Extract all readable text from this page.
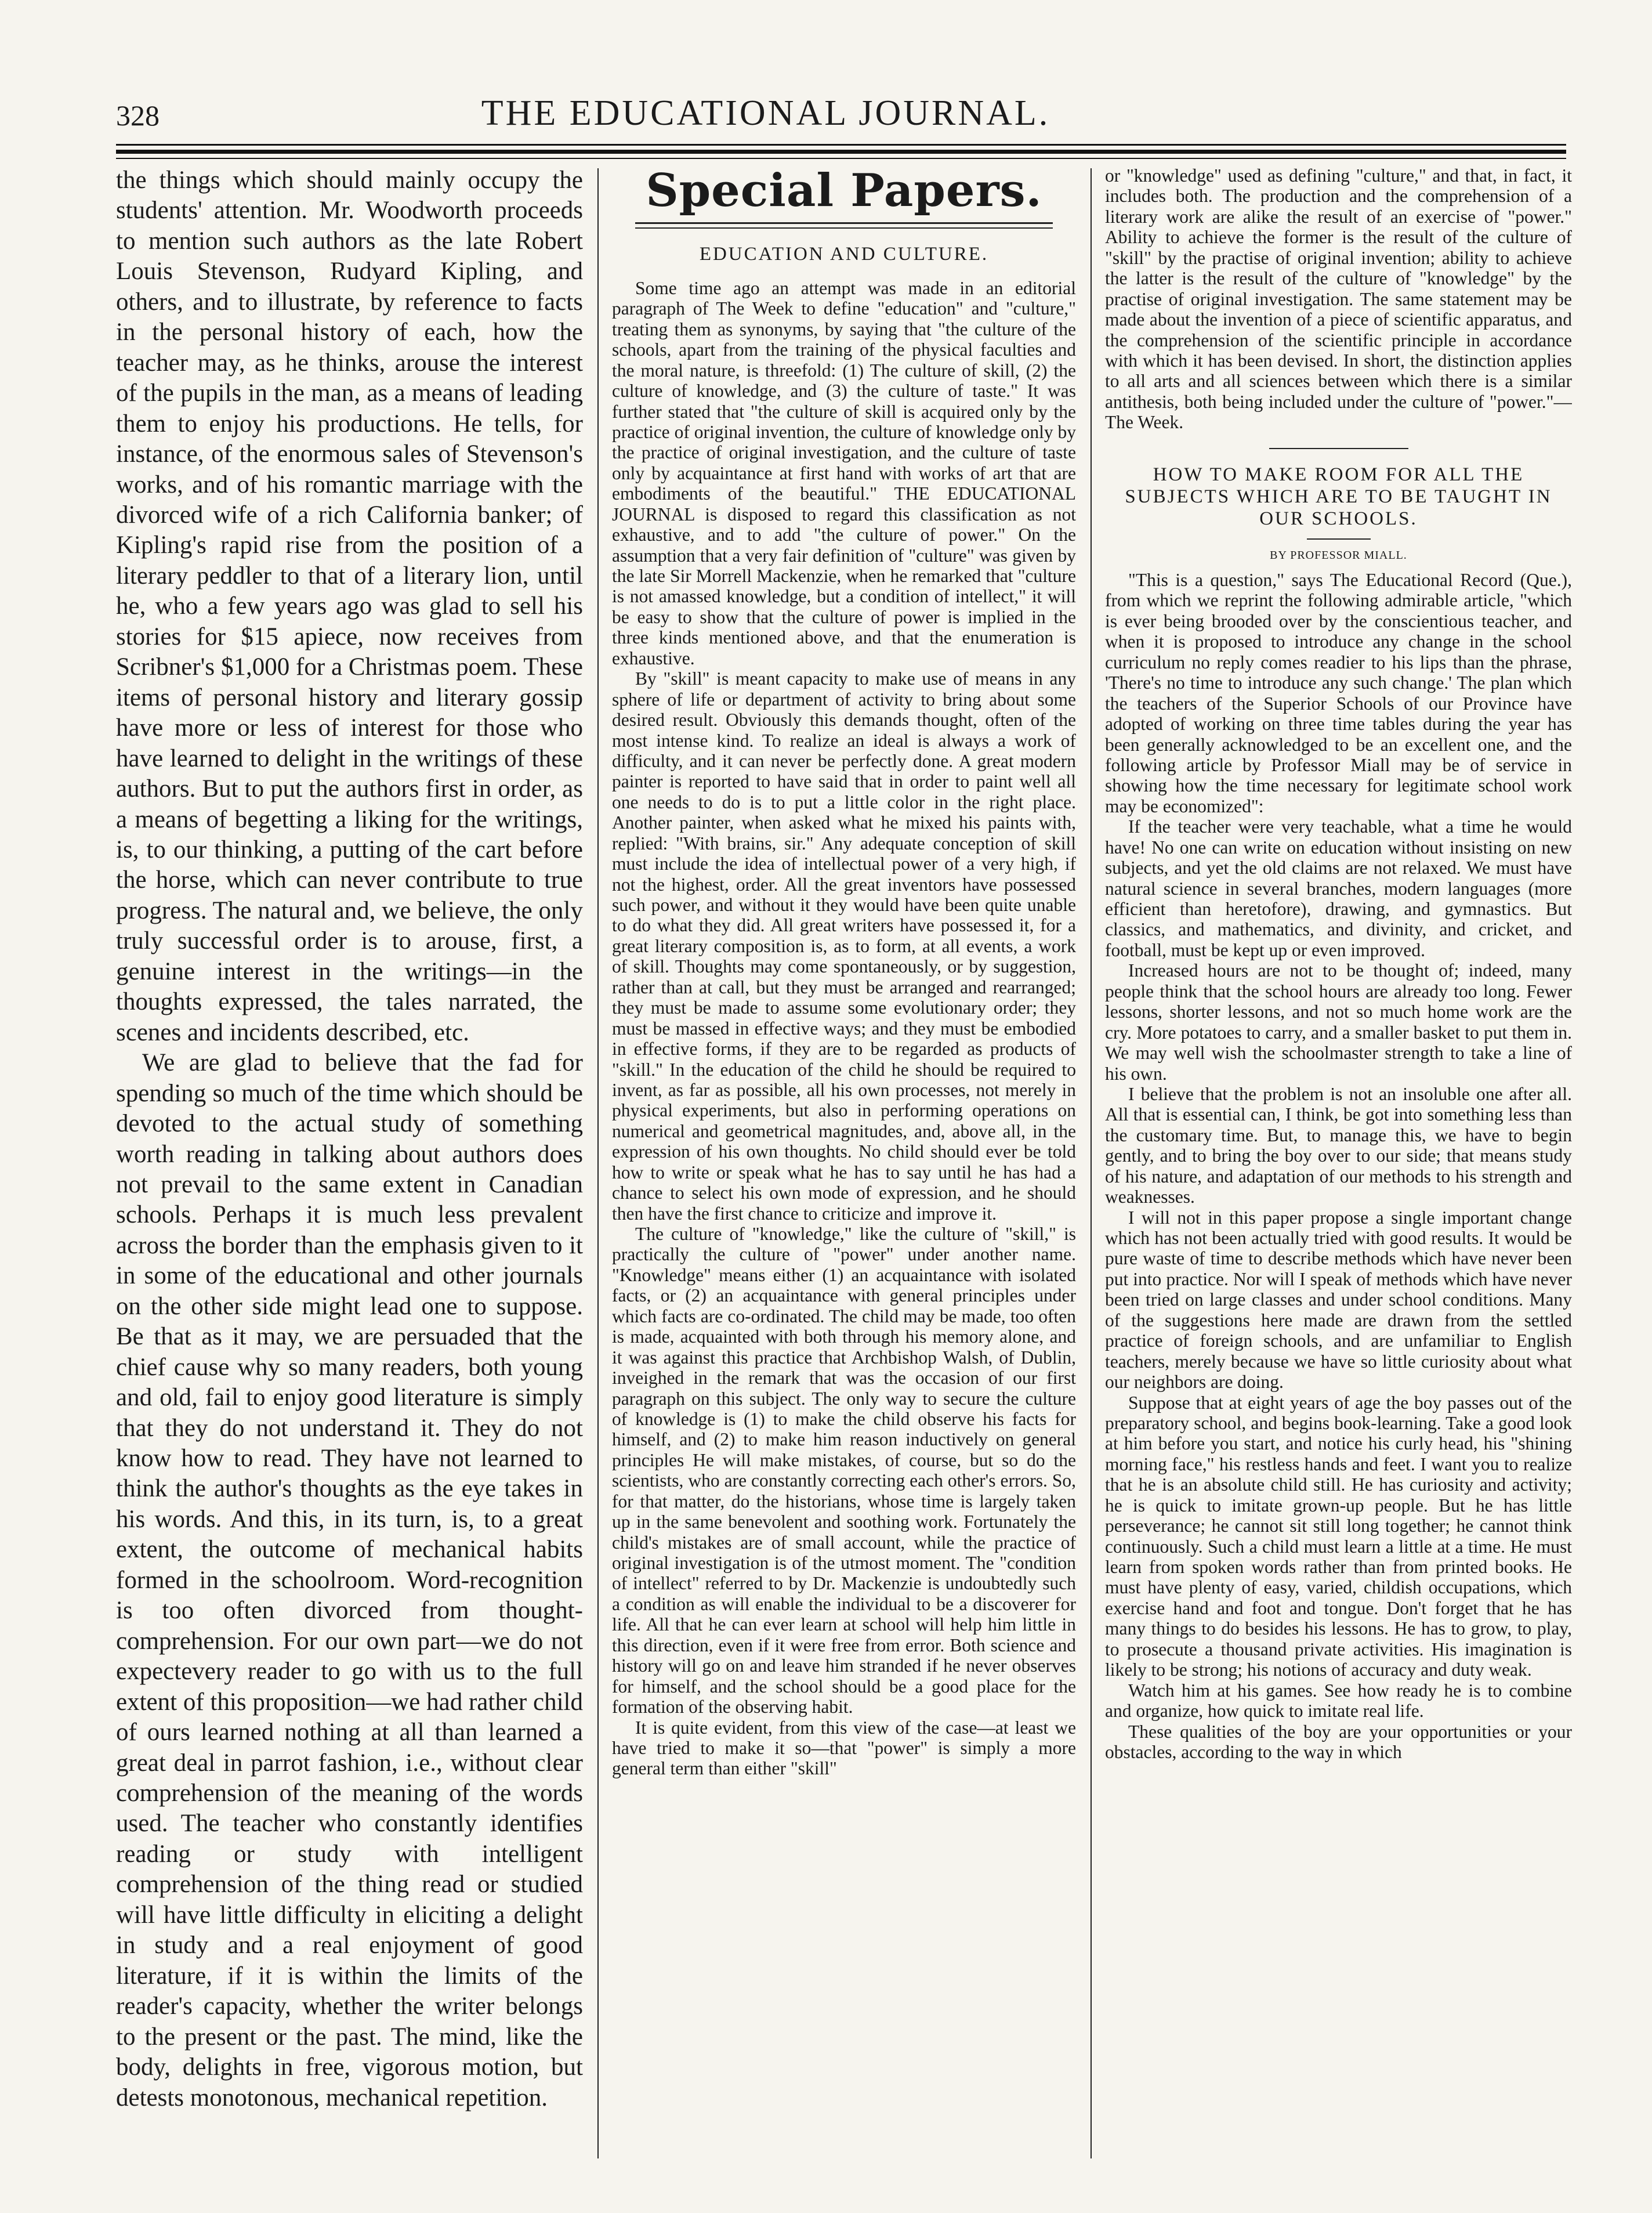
328	THE EDUCATIONAL JOURNAL.

the things which should mainly occupy the students' attention. Mr. Woodworth proceeds to mention such authors as the late Robert Louis Stevenson, Rudyard Kipling, and others, and to illustrate, by reference to facts in the personal history of each, how the teacher may, as he thinks, arouse the interest of the pupils in the man, as a means of leading them to enjoy his productions. He tells, for instance, of the enormous sales of Stevenson's works, and of his romantic marriage with the divorced wife of a rich California banker; of Kipling's rapid rise from the position of a literary peddler to that of a literary lion, until he, who a few years ago was glad to sell his stories for $15 apiece, now receives from Scribner's $1,000 for a Christmas poem. These items of personal history and literary gossip have more or less of interest for those who have learned to delight in the writings of these authors. But to put the authors first in order, as a means of begetting a liking for the writings, is, to our thinking, a putting of the cart before the horse, which can never contribute to true progress. The natural and, we believe, the only truly successful order is to arouse, first, a genuine interest in the writings—in the thoughts expressed, the tales narrated, the scenes and incidents described, etc.

We are glad to believe that the fad for spending so much of the time which should be devoted to the actual study of something worth reading in talking about authors does not prevail to the same extent in Canadian schools. Perhaps it is much less prevalent across the border than the emphasis given to it in some of the educational and other journals on the other side might lead one to suppose. Be that as it may, we are persuaded that the chief cause why so many readers, both young and old, fail to enjoy good literature is simply that they do not understand it. They do not know how to read. They have not learned to think the author's thoughts as the eye takes in his words. And this, in its turn, is, to a great extent, the outcome of mechanical habits formed in the schoolroom. Word-recognition is too often divorced from thought-comprehension. For our own part—we do not expectevery reader to go with us to the full extent of this proposition—we had rather child of ours learned nothing at all than learned a great deal in parrot fashion, i.e., without clear comprehension of the meaning of the words used. The teacher who constantly identifies reading or study with intelligent comprehension of the thing read or studied will have little difficulty in eliciting a delight in study and a real enjoyment of good literature, if it is within the limits of the reader's capacity, whether the writer belongs to the present or the past. The mind, like the body, delights in free, vigorous motion, but detests monotonous, mechanical repetition.

Special Papers.
EDUCATION AND CULTURE.

Some time ago an attempt was made in an editorial paragraph of The Week to define "education" and "culture," treating them as synonyms, by saying that "the culture of the schools, apart from the training of the physical faculties and the moral nature, is threefold: (1) The culture of skill, (2) the culture of knowledge, and (3) the culture of taste." It was further stated that "the culture of skill is acquired only by the practice of original invention, the culture of knowledge only by the practice of original investigation, and the culture of taste only by acquaintance at first hand with works of art that are embodiments of the beautiful." THE EDUCATIONAL JOURNAL is disposed to regard this classification as not exhaustive, and to add "the culture of power." On the assumption that a very fair definition of "culture" was given by the late Sir Morrell Mackenzie, when he remarked that "culture is not amassed knowledge, but a condition of intellect," it will be easy to show that the culture of power is implied in the three kinds mentioned above, and that the enumeration is exhaustive.

By "skill" is meant capacity to make use of means in any sphere of life or department of activity to bring about some desired result. Obviously this demands thought, often of the most intense kind. To realize an ideal is always a work of difficulty, and it can never be perfectly done. A great modern painter is reported to have said that in order to paint well all one needs to do is to put a little color in the right place. Another painter, when asked what he mixed his paints with, replied: "With brains, sir." Any adequate conception of skill must include the idea of intellectual power of a very high, if not the highest, order. All the great inventors have possessed such power, and without it they would have been quite unable to do what they did. All great writers have possessed it, for a great literary composition is, as to form, at all events, a work of skill. Thoughts may come spontaneously, or by suggestion, rather than at call, but they must be arranged and rearranged; they must be made to assume some evolutionary order; they must be massed in effective ways; and they must be embodied in effective forms, if they are to be regarded as products of "skill." In the education of the child he should be required to invent, as far as possible, all his own processes, not merely in physical experiments, but also in performing operations on numerical and geometrical magnitudes, and, above all, in the expression of his own thoughts. No child should ever be told how to write or speak what he has to say until he has had a chance to select his own mode of expression, and he should then have the first chance to criticize and improve it.

The culture of "knowledge," like the culture of "skill," is practically the culture of "power" under another name. "Knowledge" means either (1) an acquaintance with isolated facts, or (2) an acquaintance with general principles under which facts are co-ordinated. The child may be made, too often is made, acquainted with both through his memory alone, and it was against this practice that Archbishop Walsh, of Dublin, inveighed in the remark that was the occasion of our first paragraph on this subject. The only way to secure the culture of knowledge is (1) to make the child observe his facts for himself, and (2) to make him reason inductively on general principles He will make mistakes, of course, but so do the scientists, who are constantly correcting each other's errors. So, for that matter, do the historians, whose time is largely taken up in the same benevolent and soothing work. Fortunately the child's mistakes are of small account, while the practice of original investigation is of the utmost moment. The "condition of intellect" referred to by Dr. Mackenzie is undoubtedly such a condition as will enable the individual to be a discoverer for life. All that he can ever learn at school will help him little in this direction, even if it were free from error. Both science and history will go on and leave him stranded if he never observes for himself, and the school should be a good place for the formation of the observing habit.

It is quite evident, from this view of the case—at least we have tried to make it so—that "power" is simply a more general term than either "skill"

or "knowledge" used as defining "culture," and that, in fact, it includes both. The production and the comprehension of a literary work are alike the result of an exercise of "power." Ability to achieve the former is the result of the culture of "skill" by the practise of original invention; ability to achieve the latter is the result of the culture of "knowledge" by the practise of original investigation. The same statement may be made about the invention of a piece of scientific apparatus, and the comprehension of the scientific principle in accordance with which it has been devised. In short, the distinction applies to all arts and all sciences between which there is a similar antithesis, both being included under the culture of "power."—The Week.

HOW TO MAKE ROOM FOR ALL THE SUBJECTS WHICH ARE TO BE TAUGHT IN OUR SCHOOLS.
BY PROFESSOR MIALL.

"This is a question," says The Educational Record (Que.), from which we reprint the following admirable article, "which is ever being brooded over by the conscientious teacher, and when it is proposed to introduce any change in the school curriculum no reply comes readier to his lips than the phrase, 'There's no time to introduce any such change.' The plan which the teachers of the Superior Schools of our Province have adopted of working on three time tables during the year has been generally acknowledged to be an excellent one, and the following article by Professor Miall may be of service in showing how the time necessary for legitimate school work may be economized":

If the teacher were very teachable, what a time he would have! No one can write on education without insisting on new subjects, and yet the old claims are not relaxed. We must have natural science in several branches, modern languages (more efficient than heretofore), drawing, and gymnastics. But classics, and mathematics, and divinity, and cricket, and football, must be kept up or even improved.

Increased hours are not to be thought of; indeed, many people think that the school hours are already too long. Fewer lessons, shorter lessons, and not so much home work are the cry. More potatoes to carry, and a smaller basket to put them in. We may well wish the schoolmaster strength to take a line of his own.

I believe that the problem is not an insoluble one after all. All that is essential can, I think, be got into something less than the customary time. But, to manage this, we have to begin gently, and to bring the boy over to our side; that means study of his nature, and adaptation of our methods to his strength and weaknesses.

I will not in this paper propose a single important change which has not been actually tried with good results. It would be pure waste of time to describe methods which have never been put into practice. Nor will I speak of methods which have never been tried on large classes and under school conditions. Many of the suggestions here made are drawn from the settled practice of foreign schools, and are unfamiliar to English teachers, merely because we have so little curiosity about what our neighbors are doing.

Suppose that at eight years of age the boy passes out of the preparatory school, and begins book-learning. Take a good look at him before you start, and notice his curly head, his "shining morning face," his restless hands and feet. I want you to realize that he is an absolute child still. He has curiosity and activity; he is quick to imitate grown-up people. But he has little perseverance; he cannot sit still long together; he cannot think continuously. Such a child must learn a little at a time. He must learn from spoken words rather than from printed books. He must have plenty of easy, varied, childish occupations, which exercise hand and foot and tongue. Don't forget that he has many things to do besides his lessons. He has to grow, to play, to prosecute a thousand private activities. His imagination is likely to be strong; his notions of accuracy and duty weak.

Watch him at his games. See how ready he is to combine and organize, how quick to imitate real life.

These qualities of the boy are your opportunities or your obstacles, according to the way in which
